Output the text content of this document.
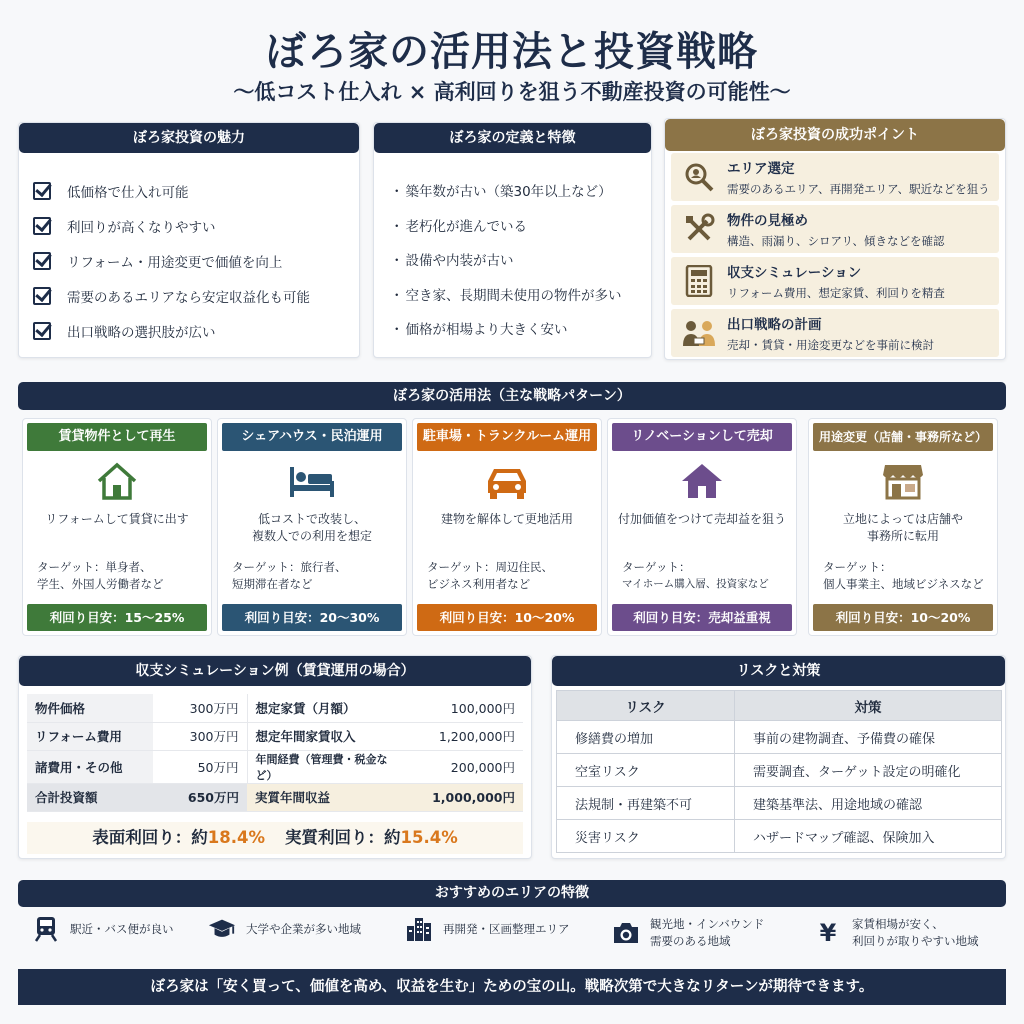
ぼろ家の活用法と投資戦略
〜低コスト仕入れ × 高利回りを狙う不動産投資の可能性〜
ぼろ家投資の魅力
低価格で仕入れ可能
利回りが高くなりやすい
リフォーム・用途変更で価値を向上
需要のあるエリアなら安定収益化も可能
出口戦略の選択肢が広い
ぼろ家の定義と特徴
・ 築年数が古い（築30年以上など）
・ 老朽化が進んでいる
・ 設備や内装が古い
・ 空き家、長期間未使用の物件が多い
・ 価格が相場より大きく安い
ぼろ家投資の成功ポイント
エリア選定
需要のあるエリア、再開発エリア、駅近などを狙う
物件の見極め
構造、雨漏り、シロアリ、傾きなどを確認
収支シミュレーション
リフォーム費用、想定家賃、利回りを精査
出口戦略の計画
売却・賃貸・用途変更などを事前に検討
ぼろ家の活用法（主な戦略パターン）
賃貸物件として再生
リフォームして賃貸に出す
ターゲット：単身者、
学生、外国人労働者など
利回り目安：15〜25%
シェアハウス・民泊運用
低コストで改装し、
複数人での利用を想定
ターゲット：旅行者、
短期滞在者など
利回り目安：20〜30%
駐車場・トランクルーム運用
建物を解体して更地活用
ターゲット：周辺住民、
ビジネス利用者など
利回り目安：10〜20%
リノベーションして売却
付加価値をつけて売却益を狙う
ターゲット：
マイホーム購入層、投資家など
利回り目安：売却益重視
用途変更（店舗・事務所など）
立地によっては店舗や
事務所に転用
ターゲット：
個人事業主、地域ビジネスなど
利回り目安：10〜20%
収支シミュレーション例（賃貸運用の場合）
物件価格	300万円	想定家賃（月額）	100,000円
リフォーム費用	300万円	想定年間家賃収入	1,200,000円
諸費用・その他	50万円	年間経費（管理費・税金など）	200,000円
合計投資額	650万円	実質年間収益	1,000,000円
表面利回り：約18.4% 実質利回り：約15.4%
リスクと対策
リスク	対策
修繕費の増加	事前の建物調査、予備費の確保
空室リスク	需要調査、ターゲット設定の明確化
法規制・再建築不可	建築基準法、用途地域の確認
災害リスク	ハザードマップ確認、保険加入
おすすめのエリアの特徴
駅近・バス便が良い	大学や企業が多い地域	再開発・区画整理エリア	観光地・インバウンド
需要のある地域	¥	家賃相場が安く、
利回りが取りやすい地域
ぼろ家は「安く買って、価値を高め、収益を生む」ための宝の山。戦略次第で大きなリターンが期待できます。
